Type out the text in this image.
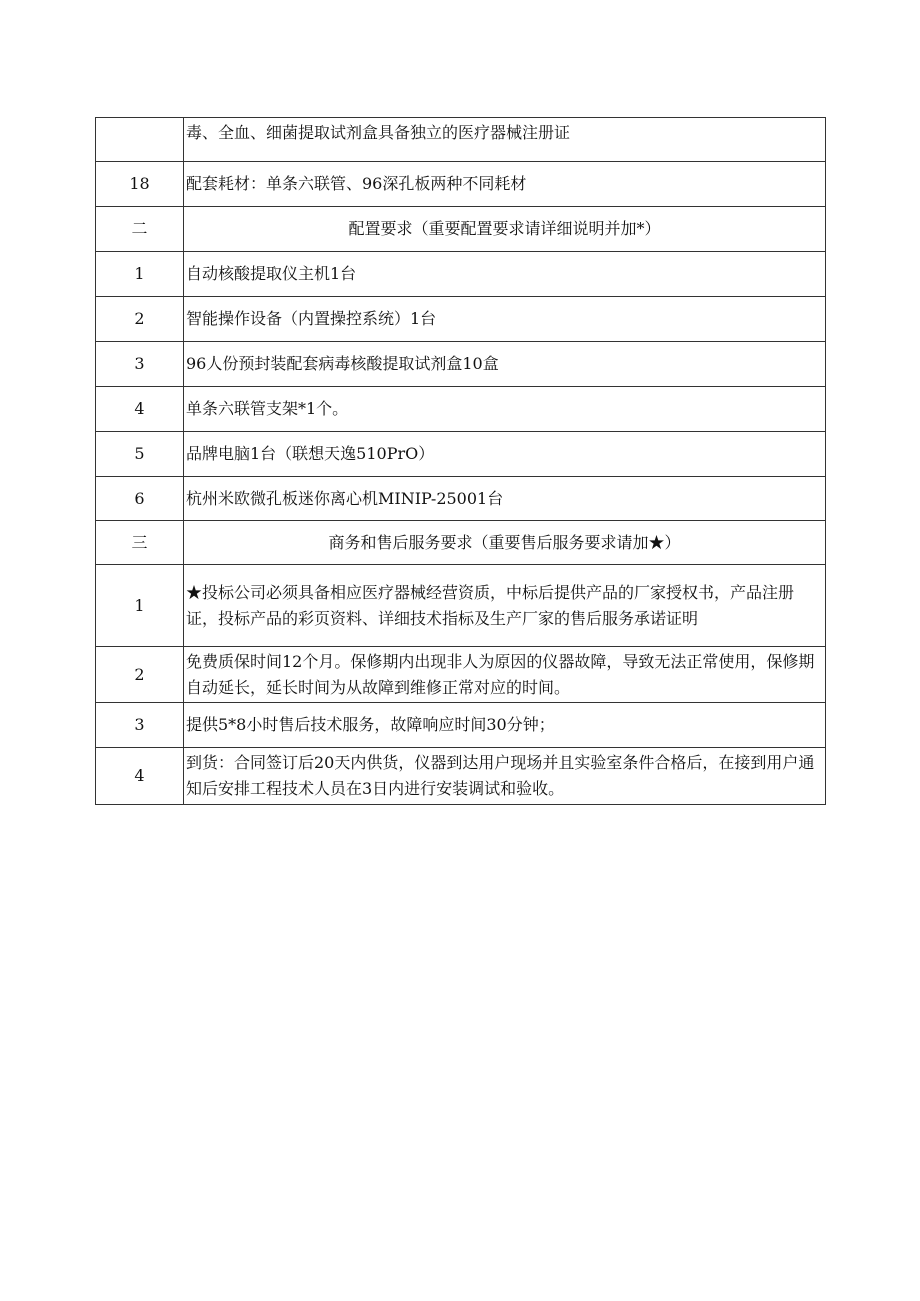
	毒、全血、细菌提取试剂盒具备独立的医疗器械注册证
18	配套耗材：单条六联管、96深孔板两种不同耗材
二	配置要求（重要配置要求请详细说明并加*）
1	自动核酸提取仪主机1台
2	智能操作设备（内置操控系统）1台
3	96人份预封装配套病毒核酸提取试剂盒10盒
4	单条六联管支架*1个。
5	品牌电脑1台（联想天逸510PrO）
6	杭州米欧微孔板迷你离心机MINIP-25001台
三	商务和售后服务要求（重要售后服务要求请加★）
1	★投标公司必须具备相应医疗器械经营资质，中标后提供产品的厂家授权书，产品注册证，投标产品的彩页资料、详细技术指标及生产厂家的售后服务承诺证明
2	免费质保时间12个月。保修期内出现非人为原因的仪器故障，导致无法正常使用，保修期自动延长，延长时间为从故障到维修正常对应的时间。
3	提供5*8小时售后技术服务，故障响应时间30分钟；
4	到货：合同签订后20天内供货，仪器到达用户现场并且实验室条件合格后，在接到用户通知后安排工程技术人员在3日内进行安装调试和验收。
